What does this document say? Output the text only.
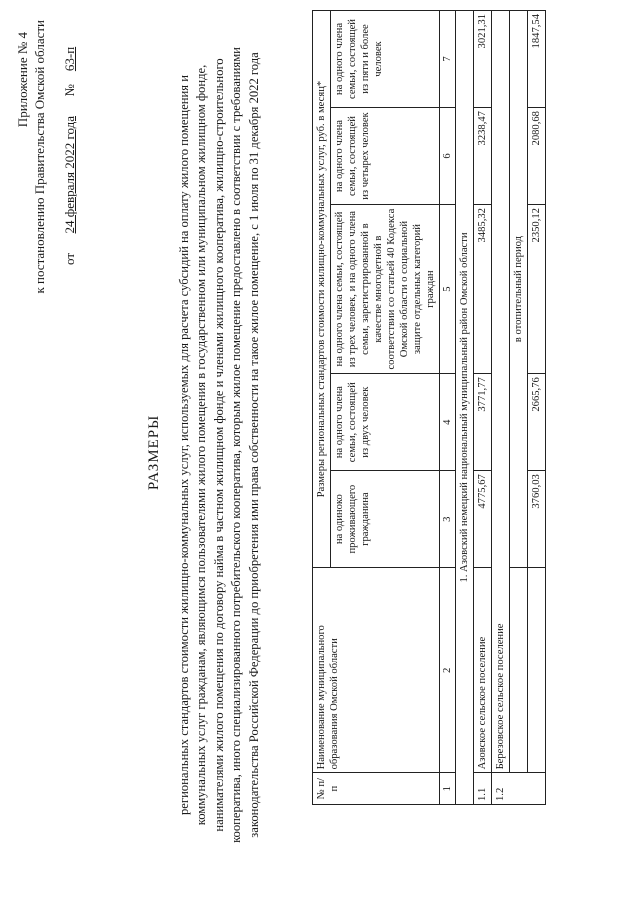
Приложение № 4 к постановлению Правительства Омской области от      24 февраля 2022 года      №    63-п
РАЗМЕРЫ региональных стандартов стоимости жилищно-коммунальных услуг, используемых для расчета субсидий на оплату жилого помещения и коммунальных услуг гражданам, являющимся пользователями жилого помещения в государственном или муниципальном жилищном фонде, нанимателями жилого помещения по договору найма в частном жилищном фонде и членами жилищного кооператива, жилищно-строительного кооператива, иного специализированного потребительского кооператива, которым жилое помещение предоставлено в соответствии с требованиями законодательства Российской Федерации до приобретения ими права собственности на такое жилое помещение, с 1 июля по 31 декабря 2022 года	№ п/п	Наименование муниципального образования Омской области	Размеры региональных стандартов стоимости жилищно-коммунальных услуг, руб. в месяц*				
		на одиноко проживающего гражданина	на одного члена семьи, состоящей из двух человек	на одного члена семьи, состоящей из трех человек, и на одного члена семьи, зарегистрированной в качестве многодетной в соответствии со статьей 40 Кодекса Омской области о социальной защите отдельных категорий граждан	на одного члена семьи, состоящей из четырех человек	на одного члена семьи, состоящей из пяти и более человек
1	2	3	4	5	6	7
1. Азовский немецкий национальный муниципальный район Омской области						
1.1	Азовское сельское поселение	4775,67	3771,77	3485,32	3238,47	3021,31
1.2	Березовское сельское поселение					
		в отопительный период				
		3760,03	2665,76	2350,12	2080,68	1847,54
